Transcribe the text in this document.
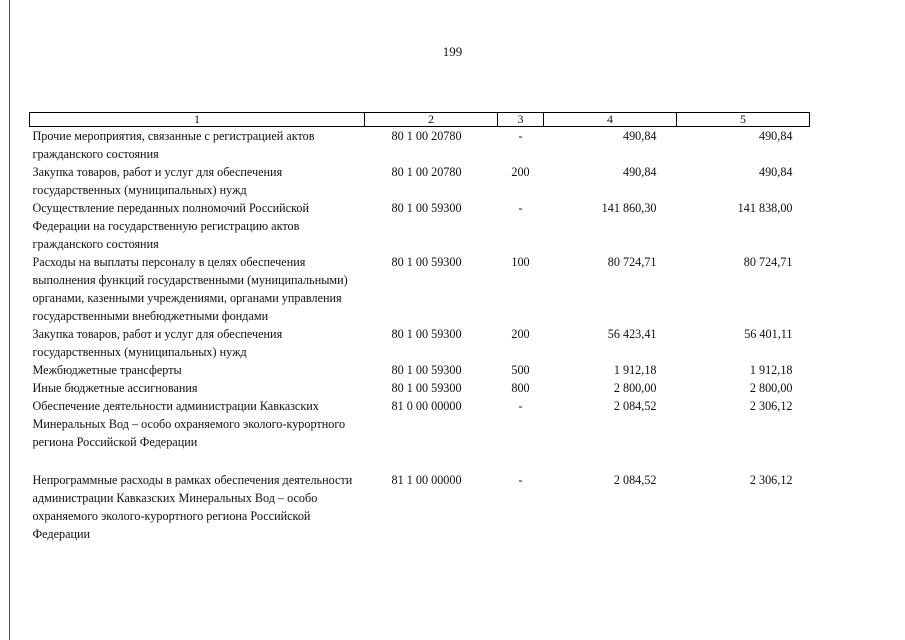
199
1	2	3	4	5
Прочие мероприятия, связанные с регистрацией актов гражданского состояния	80 1 00 20780	-	490,84	490,84
Закупка товаров, работ и услуг для обеспечения государственных (муниципальных) нужд	80 1 00 20780	200	490,84	490,84
Осуществление переданных полномочий Российской Федерации на государственную регистрацию актов гражданского состояния	80 1 00 59300	-	141 860,30	141 838,00
Расходы на выплаты персоналу в целях обеспечения выполнения функций государственными (муниципальными) органами, казенными учреждениями, органами управления государственными внебюджетными фондами	80 1 00 59300	100	80 724,71	80 724,71
Закупка товаров, работ и услуг для обеспечения государственных (муниципальных) нужд	80 1 00 59300	200	56 423,41	56 401,11
Межбюджетные трансферты	80 1 00 59300	500	1 912,18	1 912,18
Иные бюджетные ассигнования	80 1 00 59300	800	2 800,00	2 800,00
Обеспечение деятельности администрации Кавказских Минеральных Вод – особо охраняемого эколого-курортного региона Российской Федерации	81 0 00 00000	-	2 084,52	2 306,12

Непрограммные расходы в рамках обеспечения деятельности администрации Кавказских Минеральных Вод – особо охраняемого эколого-курортного региона Российской Федерации	81 1 00 00000	-	2 084,52	2 306,12
